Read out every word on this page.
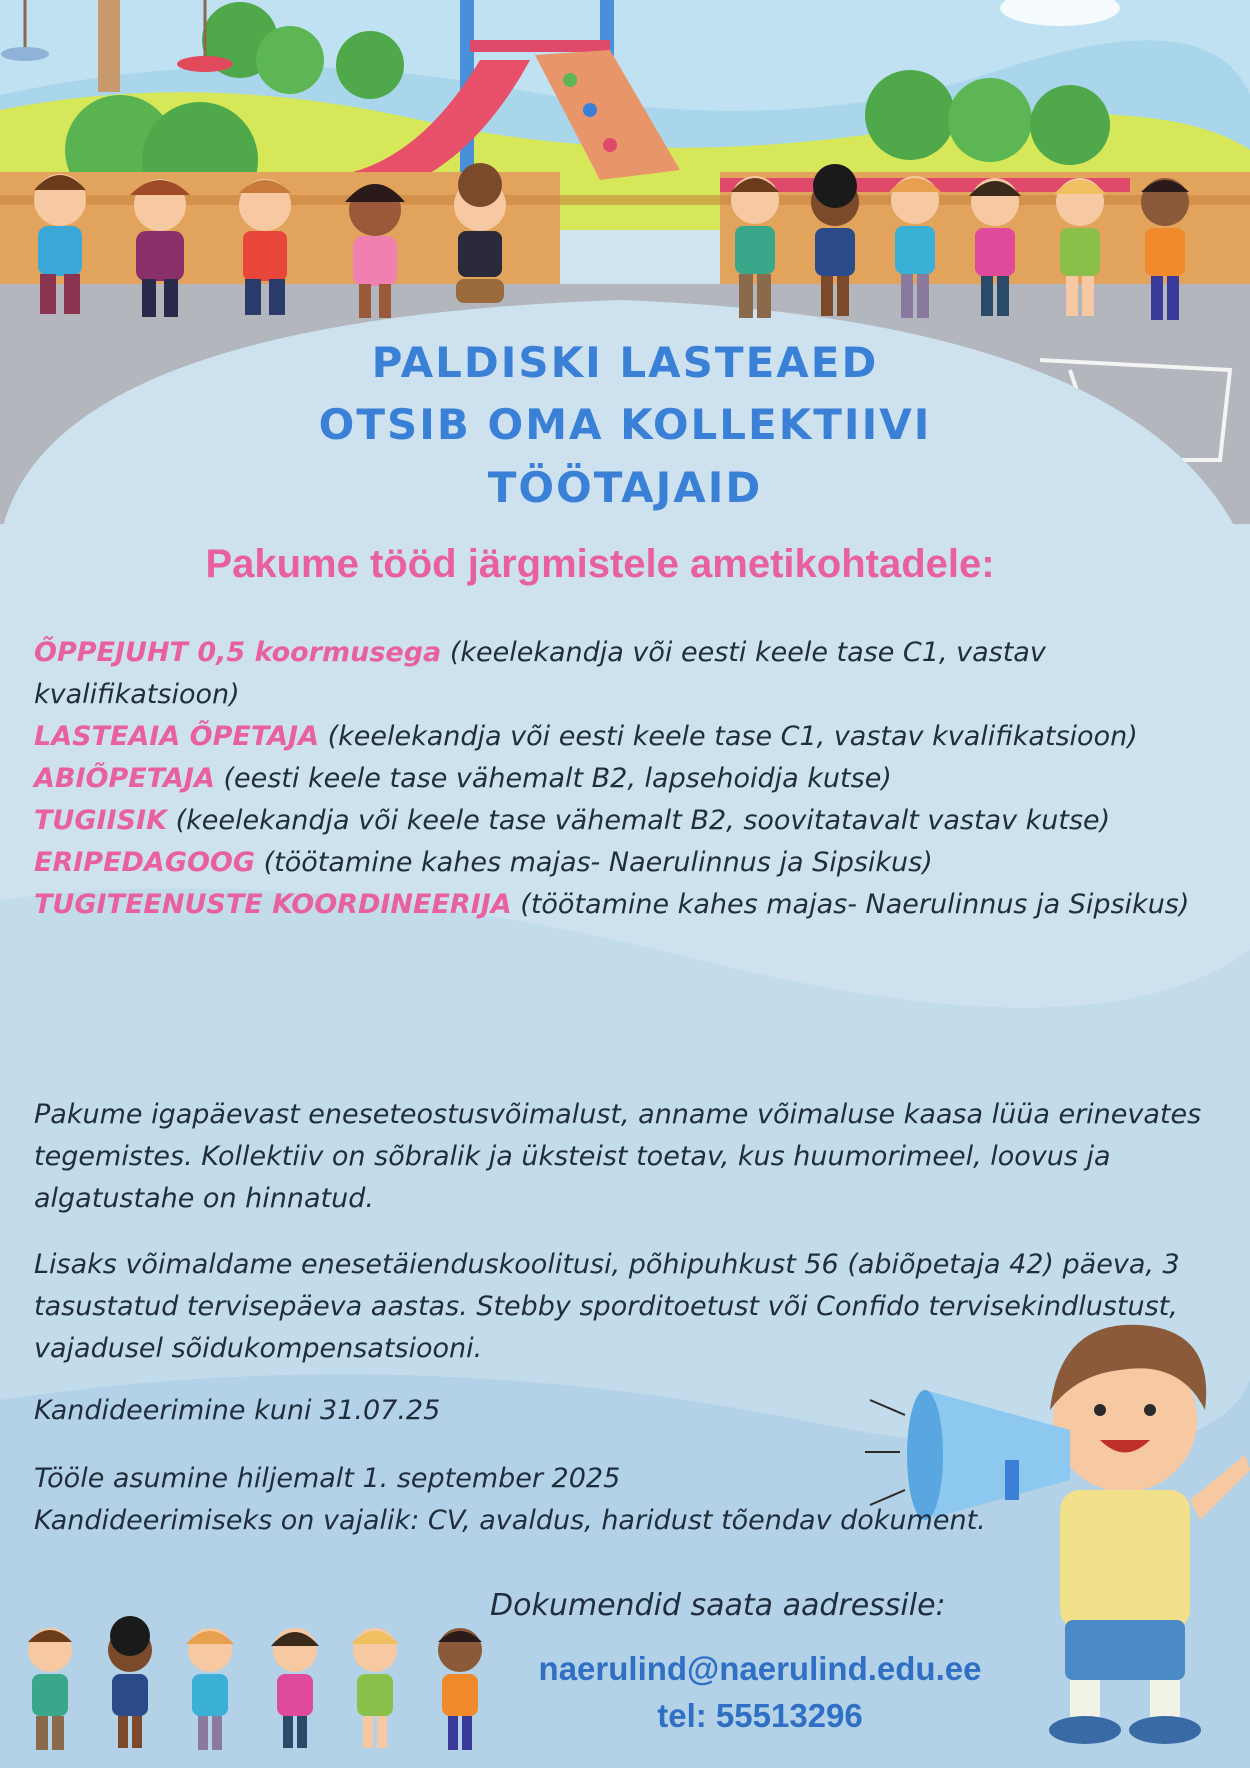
PALDISKI LASTEAED
OTSIB OMA KOLLEKTIIVI
TÖÖTAJAID
Pakume tööd järgmistele ametikohtadele:

ÕPPEJUHT 0,5 koormusega (keelekandja või eesti keele tase C1, vastav kvalifikatsioon)

LASTEAIA ÕPETAJA (keelekandja või eesti keele tase C1, vastav kvalifikatsioon)

ABIÕPETAJA (eesti keele tase vähemalt B2, lapsehoidja kutse)

TUGIISIK (keelekandja või keele tase vähemalt B2, soovitatavalt vastav kutse)

ERIPEDAGOOG (töötamine kahes majas- Naerulinnus ja Sipsikus)

TUGITEENUSTE KOORDINEERIJA (töötamine kahes majas- Naerulinnus ja Sipsikus)

Pakume igapäevast eneseteostusvõimalust, anname võimaluse kaasa lüüa erinevates tegemistes. Kollektiiv on sõbralik ja üksteist toetav, kus huumorimeel, loovus ja algatustahe on hinnatud.

Lisaks võimaldame enesetäienduskoolitusi, põhipuhkust 56 (abiõpetaja 42) päeva, 3 tasustatud tervisepäeva aastas. Stebby sporditoetust või Confido tervisekindlustust, vajadusel sõidukompensatsiooni.

Kandideerimine kuni 31.07.25

Tööle asumine hiljemalt 1. september 2025

Kandideerimiseks on vajalik: CV, avaldus, haridust tõendav dokument.

Dokumendid saata aadressile:
naerulind@naerulind.edu.ee
tel: 55513296
